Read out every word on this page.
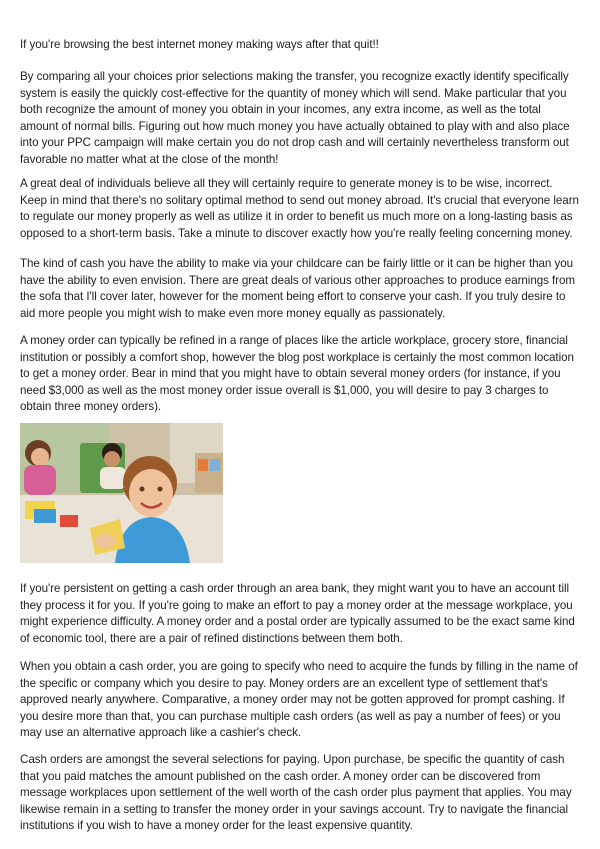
If you're browsing the best internet money making ways after that quit!!

By comparing all your choices prior selections making the transfer, you recognize exactly identify specifically system is easily the quickly cost-effective for the quantity of money which will send. Make particular that you both recognize the amount of money you obtain in your incomes, any extra income, as well as the total amount of normal bills. Figuring out how much money you have actually obtained to play with and also place into your PPC campaign will make certain you do not drop cash and will certainly nevertheless transform out favorable no matter what at the close of the month!

A great deal of individuals believe all they will certainly require to generate money is to be wise, incorrect. Keep in mind that there's no solitary optimal method to send out money abroad. It's crucial that everyone learn to regulate our money properly as well as utilize it in order to benefit us much more on a long-lasting basis as opposed to a short-term basis. Take a minute to discover exactly how you're really feeling concerning money.

The kind of cash you have the ability to make via your childcare can be fairly little or it can be higher than you have the ability to even envision. There are great deals of various other approaches to produce earnings from the sofa that I'll cover later, however for the moment being effort to conserve your cash. If you truly desire to aid more people you might wish to make even more money equally as passionately.

A money order can typically be refined in a range of places like the article workplace, grocery store, financial institution or possibly a comfort shop, however the blog post workplace is certainly the most common location to get a money order. Bear in mind that you might have to obtain several money orders (for instance, if you need $3,000 as well as the most money order issue overall is $1,000, you will desire to pay 3 charges to obtain three money orders).

If you're persistent on getting a cash order through an area bank, they might want you to have an account till they process it for you. If you're going to make an effort to pay a money order at the message workplace, you might experience difficulty. A money order and a postal order are typically assumed to be the exact same kind of economic tool, there are a pair of refined distinctions between them both.

When you obtain a cash order, you are going to specify who need to acquire the funds by filling in the name of the specific or company which you desire to pay. Money orders are an excellent type of settlement that's approved nearly anywhere. Comparative, a money order may not be gotten approved for prompt cashing. If you desire more than that, you can purchase multiple cash orders (as well as pay a number of fees) or you may use an alternative approach like a cashier's check.

Cash orders are amongst the several selections for paying. Upon purchase, be specific the quantity of cash that you paid matches the amount published on the cash order. A money order can be discovered from message workplaces upon settlement of the well worth of the cash order plus payment that applies. You may likewise remain in a setting to transfer the money order in your savings account. Try to navigate the financial institutions if you wish to have a money order for the least expensive quantity.
